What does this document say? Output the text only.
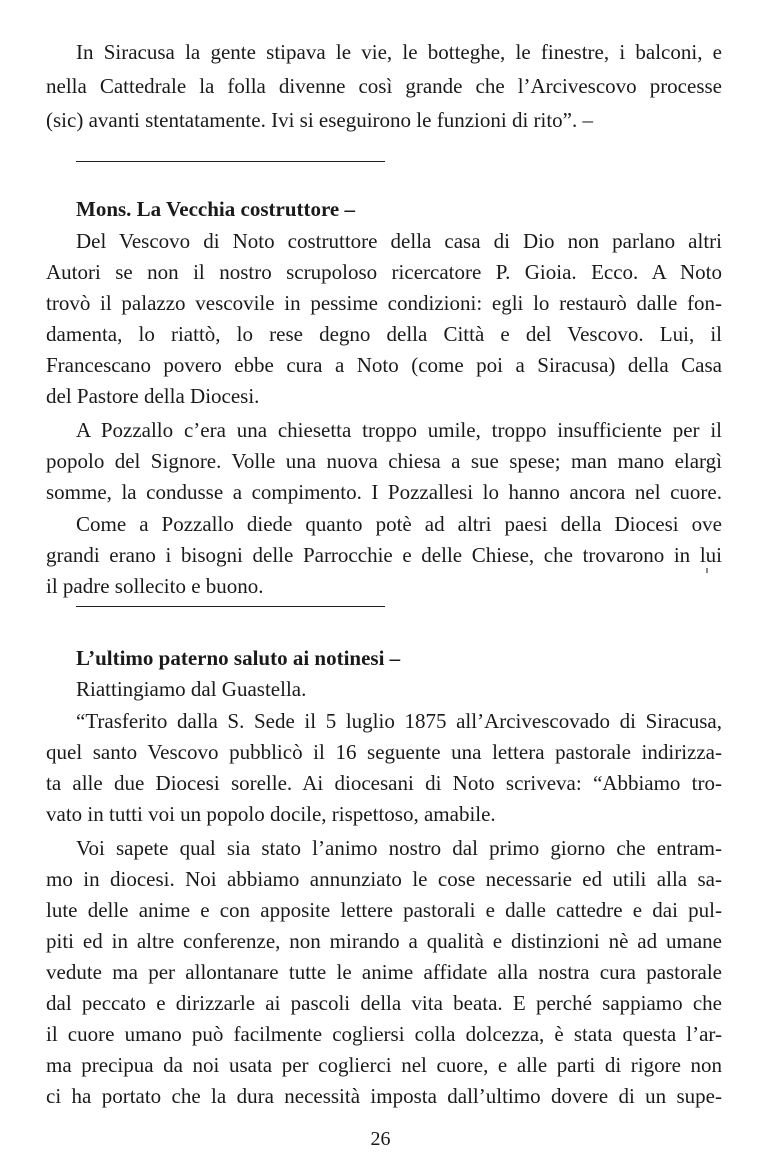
In Siracusa la gente stipava le vie, le botteghe, le finestre, i balconi, e
nella Cattedrale la folla divenne così grande che l’Arcivescovo processe
(sic) avanti stentatamente. Ivi si eseguirono le funzioni di rito”. –
Mons. La Vecchia costruttore –
Del Vescovo di Noto costruttore della casa di Dio non parlano altri
Autori se non il nostro scrupoloso ricercatore P. Gioia. Ecco. A Noto
trovò il palazzo vescovile in pessime condizioni: egli lo restaurò dalle fon-
damenta, lo riattò, lo rese degno della Città e del Vescovo. Lui, il
Francescano povero ebbe cura a Noto (come poi a Siracusa) della Casa
del Pastore della Diocesi.
A Pozzallo c’era una chiesetta troppo umile, troppo insufficiente per il
popolo del Signore. Volle una nuova chiesa a sue spese; man mano elargì
somme, la condusse a compimento. I Pozzallesi lo hanno ancora nel cuore.
Come a Pozzallo diede quanto potè ad altri paesi della Diocesi ove
grandi erano i bisogni delle Parrocchie e delle Chiese, che trovarono in lui
il padre sollecito e buono.
L’ultimo paterno saluto ai notinesi –
Riattingiamo dal Guastella.
“Trasferito dalla S. Sede il 5 luglio 1875 all’Arcivescovado di Siracusa,
quel santo Vescovo pubblicò il 16 seguente una lettera pastorale indirizza-
ta alle due Diocesi sorelle. Ai diocesani di Noto scriveva: “Abbiamo tro-
vato in tutti voi un popolo docile, rispettoso, amabile.
Voi sapete qual sia stato l’animo nostro dal primo giorno che entram-
mo in diocesi. Noi abbiamo annunziato le cose necessarie ed utili alla sa-
lute delle anime e con apposite lettere pastorali e dalle cattedre e dai pul-
piti ed in altre conferenze, non mirando a qualità e distinzioni nè ad umane
vedute ma per allontanare tutte le anime affidate alla nostra cura pastorale
dal peccato e dirizzarle ai pascoli della vita beata. E perché sappiamo che
il cuore umano può facilmente cogliersi colla dolcezza, è stata questa l’ar-
ma precipua da noi usata per coglierci nel cuore, e alle parti di rigore non
ci ha portato che la dura necessità imposta dall’ultimo dovere di un supe-
26
